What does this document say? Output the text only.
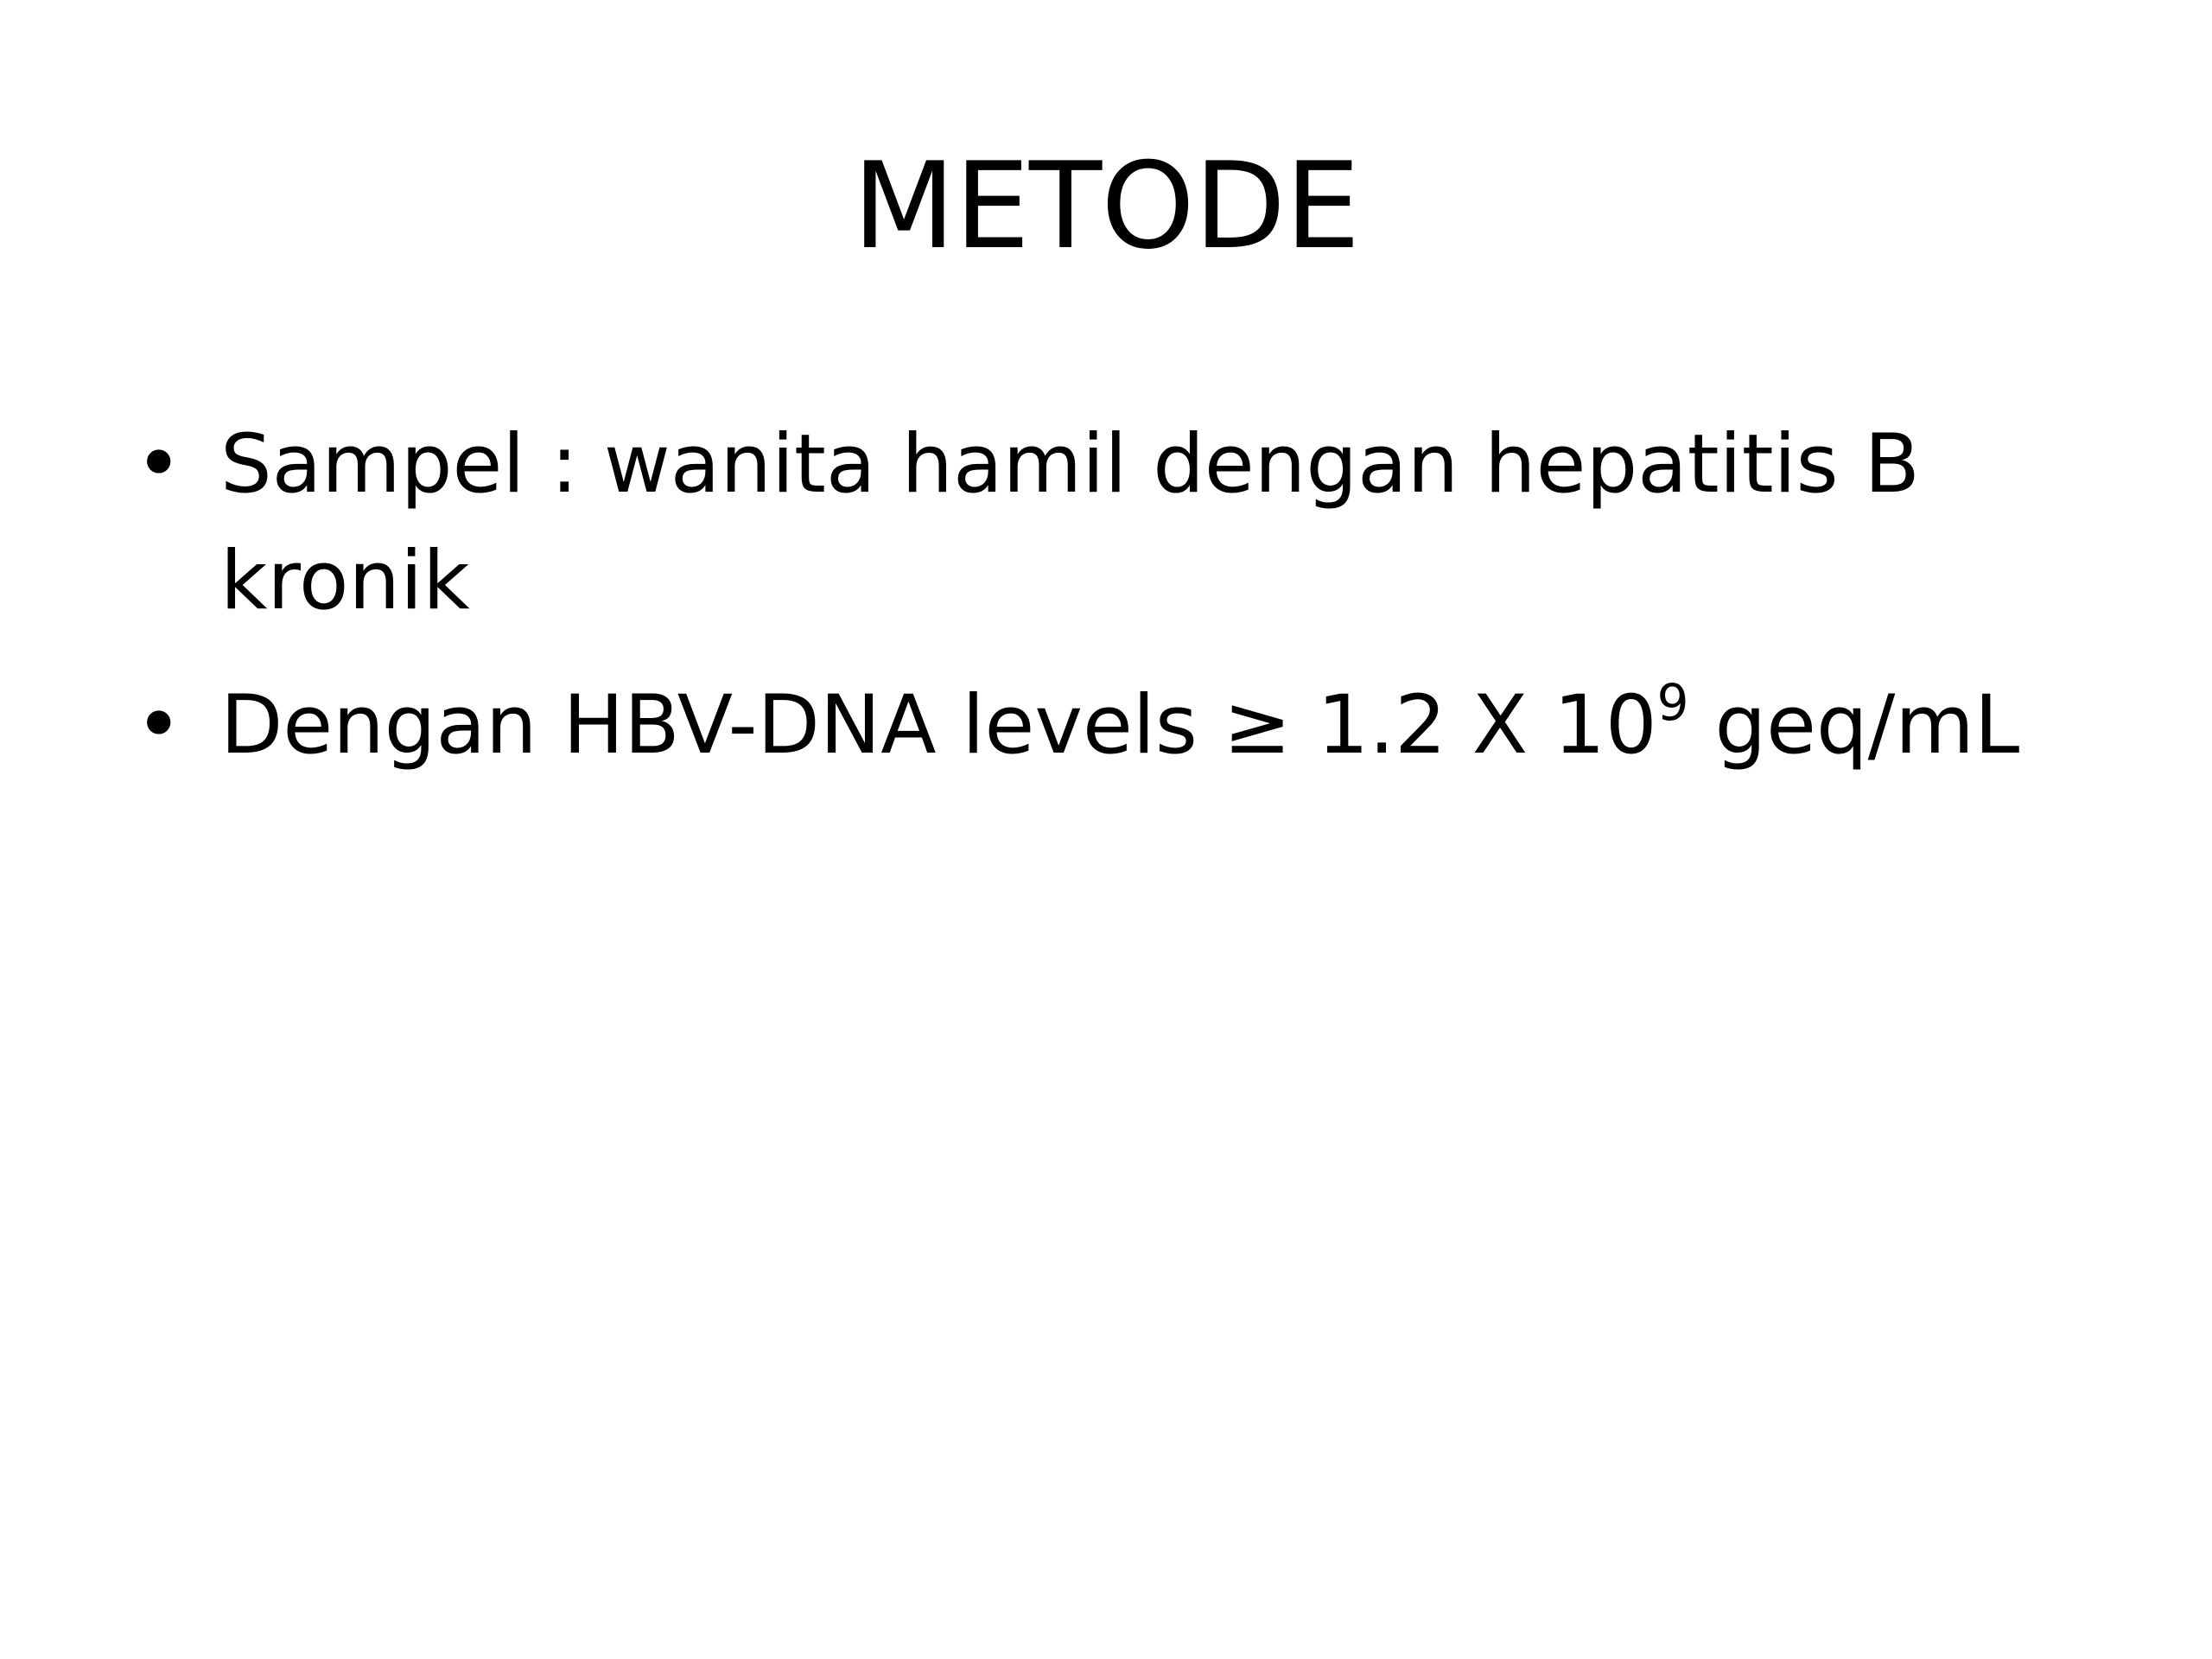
METODE
• Sampel : wanita hamil dengan hepatitis B
kronik
• Dengan HBV-DNA levels ≥ 1.2 X $10^9$ geq/mL
